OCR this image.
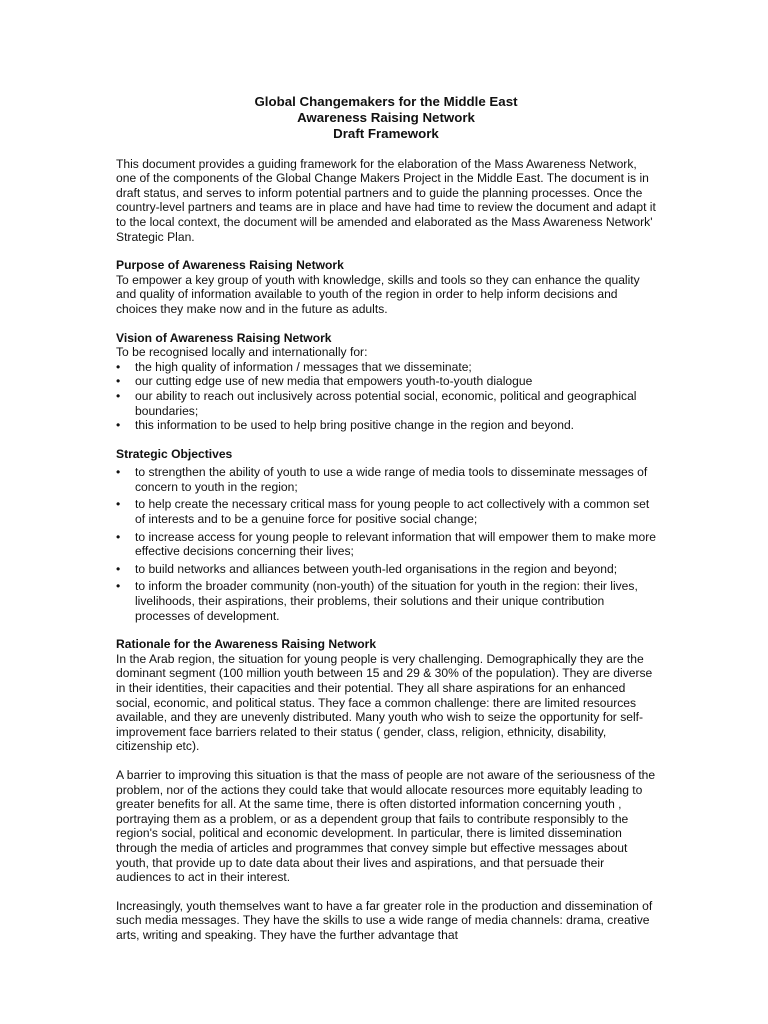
Global Changemakers for the Middle East
Awareness Raising Network
Draft Framework

This document provides a guiding framework for the elaboration of the Mass Awareness Network, one of the components of the Global Change Makers Project in the Middle East. The document is in draft status, and serves to inform potential partners and to guide the planning processes. Once the country-level partners and teams are in place and have had time to review the document and adapt it to the local context, the document will be amended and elaborated as the Mass Awareness Network' Strategic Plan.

Purpose of Awareness Raising Network

To empower a key group of youth with knowledge, skills and tools so they can enhance the quality and quality of information available to youth of the region in order to help inform decisions and choices they make now and in the future as adults.

Vision of Awareness Raising Network
To be recognised locally and internationally for:
•	the high quality of information / messages that we disseminate;
•	our cutting edge use of new media that empowers youth-to-youth dialogue
•	our ability to reach out inclusively across potential social, economic, political and geographical boundaries;
•	this information to be used to help bring positive change in the region and beyond.
Strategic Objectives
•	to strengthen the ability of youth to use a wide range of media tools to disseminate messages of concern to youth in the region;
•	to help create the necessary critical mass for young people to act collectively with a common set of interests and to be a genuine force for positive social change;
•	to increase access for young people to relevant information that will empower them to make more effective decisions concerning their lives;
•	to build networks and alliances between youth-led organisations in the region and beyond;
•	to inform the broader community (non-youth) of the situation for youth in the region: their lives, livelihoods, their aspirations, their problems, their solutions and their unique contribution processes of development.
Rationale for the Awareness Raising Network

In the Arab region, the situation for young people is very challenging. Demographically they are the dominant segment (100 million youth between 15 and 29 & 30% of the population). They are diverse in their identities, their capacities and their potential. They all share aspirations for an enhanced social, economic, and political status. They face a common challenge: there are limited resources available, and they are unevenly distributed. Many youth who wish to seize the opportunity for self-improvement face barriers related to their status ( gender, class, religion, ethnicity, disability, citizenship etc).

A barrier to improving this situation is that the mass of people are not aware of the seriousness of the problem, nor of the actions they could take that would allocate resources more equitably leading to greater benefits for all. At the same time, there is often distorted information concerning youth , portraying them as a problem, or as a dependent group that fails to contribute responsibly to the region's social, political and economic development. In particular, there is limited dissemination through the media of articles and programmes that convey simple but effective messages about youth, that provide up to date data about their lives and aspirations, and that persuade their audiences to act in their interest.

Increasingly, youth themselves want to have a far greater role in the production and dissemination of such media messages. They have the skills to use a wide range of media channels: drama, creative arts, writing and speaking. They have the further advantage that
